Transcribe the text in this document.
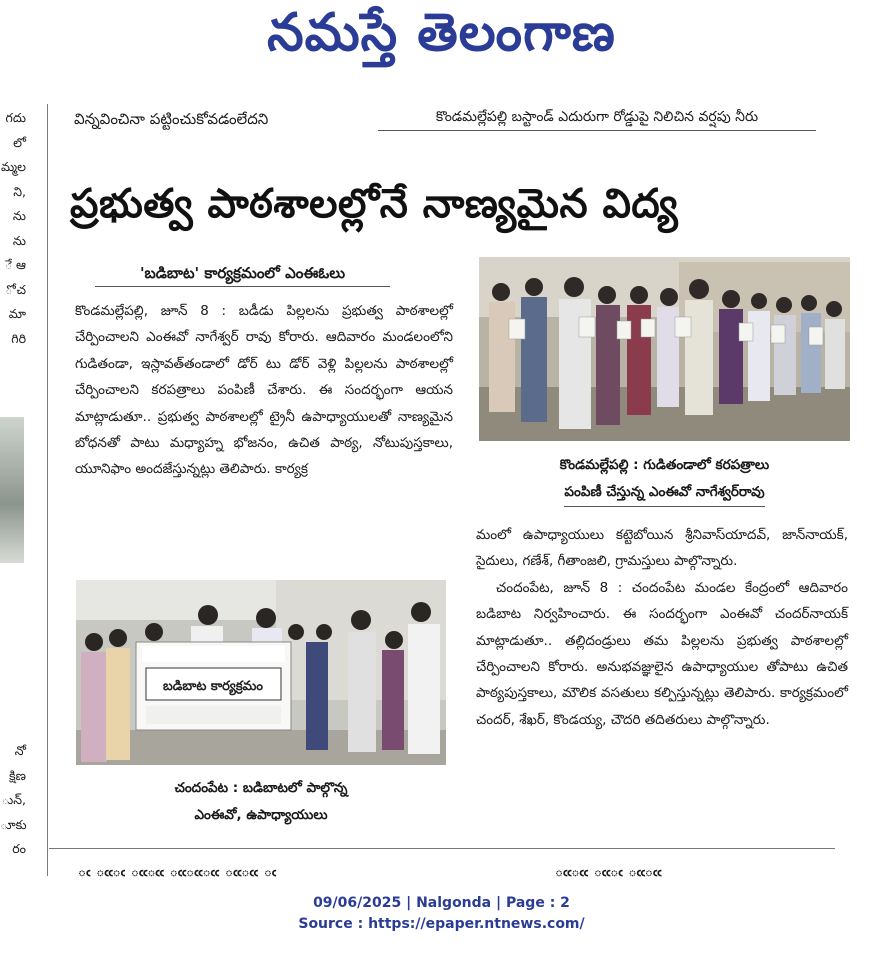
నమస్తే తెలంగాణ
గదు
లో
మ్మల
ని,
ను
ను
ే ఆ
ో చ
మా
గిరి
నో
క్షిణ
ున్,
ూకు
రం
విన్నవించినా పట్టించుకోవడంలేదని	కొండమల్లేపల్లి బస్టాండ్ ఎదురుగా రోడ్డుపై నిలిచిన వర్షపు నీరు
ప్రభుత్వ పాఠశాలల్లోనే నాణ్యమైన విద్య
'బడిబాట' కార్యక్రమంలో ఎంఈఓలు

కొండమల్లేపల్లి, జూన్ 8 : బడీడు పిల్లలను ప్రభుత్వ పాఠశాలల్లో చేర్పించాలని ఎంఈవో నాగేశ్వర్ రావు కోరారు. ఆదివారం మండలంలోని గుడితండా, ఇస్లావత్‌తండాలో డోర్ టు డోర్ వెళ్లి పిల్లలను పాఠశాలల్లో చేర్పించాలని కరపత్రాలు పంపిణీ చేశారు. ఈ సందర్భంగా ఆయన మాట్లాడుతూ.. ప్రభుత్వ పాఠశాలల్లో ట్రైనీ ఉపాధ్యాయులతో నాణ్యమైన బోధనతో పాటు మధ్యాహ్న భోజనం, ఉచిత పాఠ్య, నోటుపుస్తకాలు, యూనిఫాం అందజేస్తున్నట్లు తెలిపారు. కార్యక్ర	కొండమల్లేపల్లి : గుడితండాలో కరపత్రాలు
పంపిణీ చేస్తున్న ఎంఈవో నాగేశ్వర్‌రావు
బడిబాట కార్యక్రమం
చందంపేట : బడిబాటలో పాల్గొన్న
ఎంఈవో, ఉపాధ్యాయులు

మంలో ఉపాధ్యాయులు కట్టెబోయిన శ్రీనివాస్‌యాదవ్, జాన్‌నాయక్, సైదులు, గణేశ్, గీతాంజలి, గ్రామస్తులు పాల్గొన్నారు.

చందంపేట, జూన్ 8 : చందంపేట మండల కేంద్రంలో ఆదివారం బడిబాట నిర్వహించారు. ఈ సందర్భంగా ఎంఈవో చందర్‌నాయక్ మాట్లాడుతూ.. తల్లిదండ్రులు తమ పిల్లలను ప్రభుత్వ పాఠశాలల్లో చేర్పించాలని కోరారు. అనుభవజ్ఞులైన ఉపాధ్యాయుల తోపాటు ఉచిత పాఠ్యపుస్తకాలు, మౌలిక వసతులు కల్పిస్తున్నట్లు తెలిపారు. కార్యక్రమంలో చందర్, శేఖర్, కొండయ్య, చౌదరి తదితరులు పాల్గొన్నారు.

ఁ ఁఁఁ ఁఁఁఁ ఁఁఁఁఁఁ ఁఁఁఁ ఁ	ఁఁఁఁ ఁఁఁ ఁఁఁఁ
09/06/2025 | Nalgonda | Page : 2
Source : https://epaper.ntnews.com/
